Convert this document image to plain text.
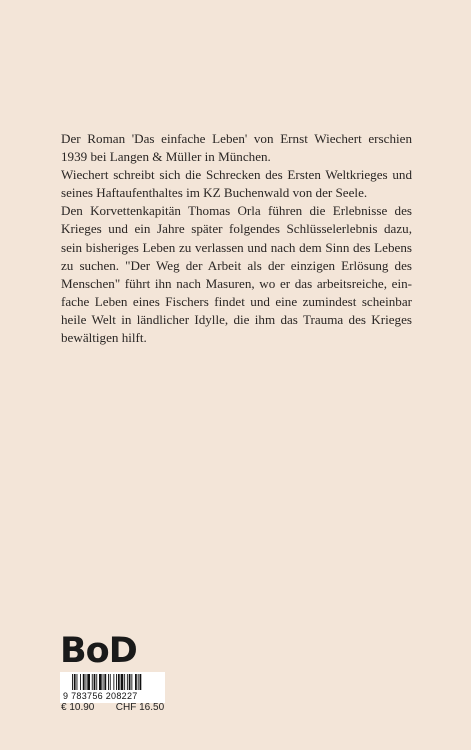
Der Roman 'Das einfache Leben' von Ernst Wiechert erschien 1939 bei Langen & Müller in München.

Wiechert schreibt sich die Schrecken des Ersten Weltkrieges und seines Haftaufenthaltes im KZ Buchenwald von der Seele.

Den Korvettenkapitän Thomas Orla führen die Erlebnisse des Krieges und ein Jahre später folgendes Schlüsselerlebnis dazu, sein bisheriges Leben zu verlassen und nach dem Sinn des Lebens zu suchen. "Der Weg der Arbeit als der einzigen Erlösung des Menschen" führt ihn nach Masuren, wo er das arbeitsreiche, einfache Leben eines Fischers findet und eine zumindest scheinbar heile Welt in ländlicher Idylle, die ihm das Trauma des Krieges bewältigen hilft.

BoD
9 783756 208227
€ 10.90 CHF 16.50
